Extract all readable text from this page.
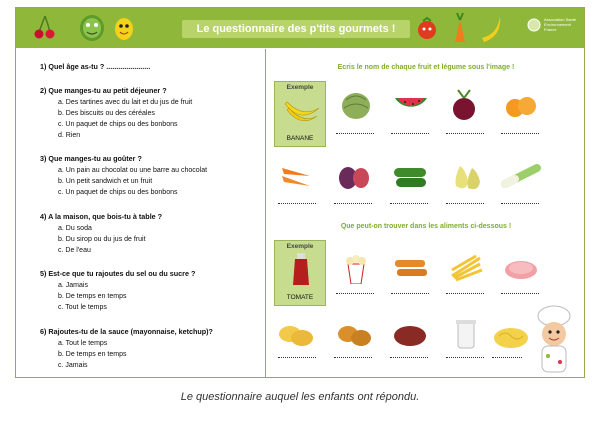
Le questionnaire des p'tits gourmets !
Association Santé Environnement France
1) Quel âge as-tu ? ......................
2) Que manges-tu au petit déjeuner ?
a. Des tartines avec du lait et du jus de fruit
b. Des biscuits ou des céréales
c. Un paquet de chips ou des bonbons
d. Rien
3) Que manges-tu au goûter ?
a. Un pain au chocolat ou une barre au chocolat
b. Un petit sandwich et un fruit
c. Un paquet de chips ou des bonbons
4) A la maison, que bois-tu à table ?
a. Du soda
b. Du sirop ou du jus de fruit
c. De l'eau
5) Est-ce que tu rajoutes du sel ou du sucre ?
a. Jamais
b. De temps en temps
c. Tout le temps
6) Rajoutes-tu de la sauce (mayonnaise, ketchup)?
a. Tout le temps
b. De temps en temps
c. Jamais
Ecris le nom de chaque fruit et légume sous l'image !
Exemple
BANANE
Que peut-on trouver dans les aliments ci-dessous !
Exemple
TOMATE
Le questionnaire auquel les enfants ont répondu.
